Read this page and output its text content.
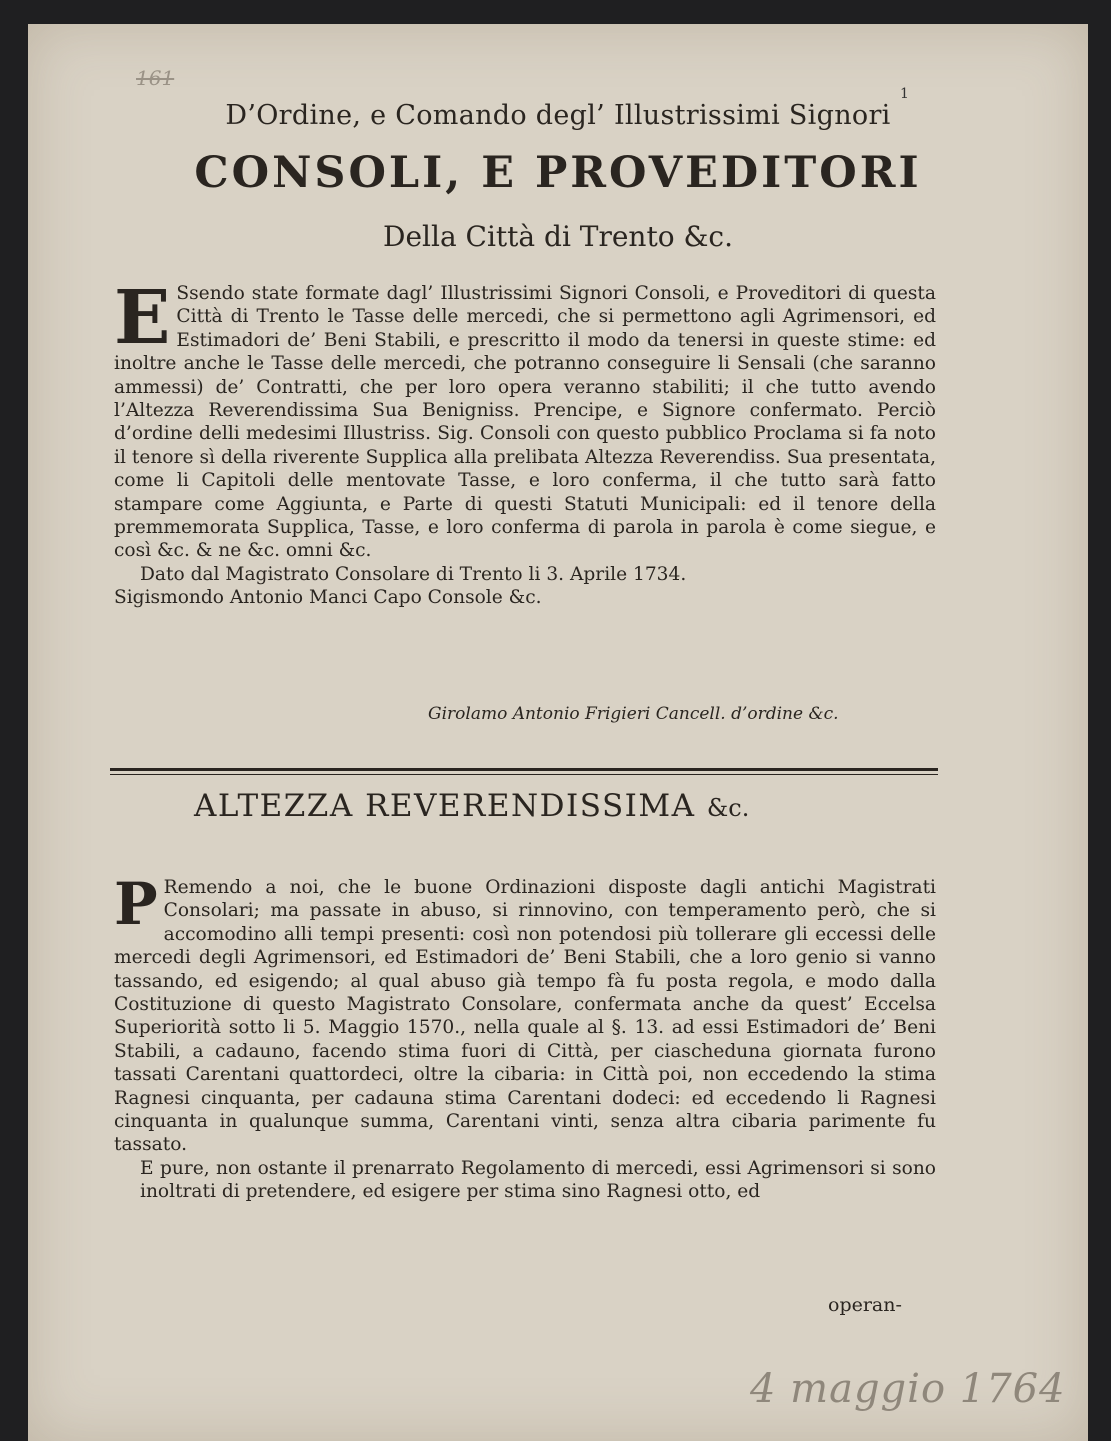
161
1
D’Ordine, e Comando degl’ Illustrissimi Signori
CONSOLI, E PROVEDITORI
Della Città di Trento &c.
E Ssendo state formate dagl’ Illustrissimi Signori Consoli, e Proveditori di questa Città di Trento le Tasse delle mercedi, che si permettono agli Agrimensori, ed Estimadori de’ Beni Stabili, e prescritto il modo da tenersi in queste stime: ed inoltre anche le Tasse delle mercedi, che potranno conseguire li Sensali (che saranno ammessi) de’ Contratti, che per loro opera veranno stabiliti; il che tutto avendo l’Altezza Reverendissima Sua Benigniss. Prencipe, e Signore confermato. Perciò d’ordine delli medesimi Illustriss. Sig. Consoli con questo pubblico Proclama si fa noto il tenore sì della riverente Supplica alla prelibata Altezza Reverendiss. Sua presentata, come li Capitoli delle mentovate Tasse, e loro conferma, il che tutto sarà fatto stampare come Aggiunta, e Parte di questi Statuti Municipali: ed il tenore della premmemorata Supplica, Tasse, e loro conferma di parola in parola è come siegue, e così &c. & ne &c. omni &c.
Dato dal Magistrato Consolare di Trento li 3. Aprile 1734.
Sigismondo Antonio Manci Capo Console &c.
Girolamo Antonio Frigieri Cancell. d’ordine &c.
ALTEZZA REVERENDISSIMA &c.
P Remendo a noi, che le buone Ordinazioni disposte dagli antichi Magistrati Consolari; ma passate in abuso, si rinnovino, con temperamento però, che si accomodino alli tempi presenti: così non potendosi più tollerare gli eccessi delle mercedi degli Agrimensori, ed Estimadori de’ Beni Stabili, che a loro genio si vanno tassando, ed esigendo; al qual abuso già tempo fà fu posta regola, e modo dalla Costituzione di questo Magistrato Consolare, confermata anche da quest’ Eccelsa Superiorità sotto li 5. Maggio 1570., nella quale al §. 13. ad essi Estimadori de’ Beni Stabili, a cadauno, facendo stima fuori di Città, per ciascheduna giornata furono tassati Carentani quattordeci, oltre la cibaria: in Città poi, non eccedendo la stima Ragnesi cinquanta, per cadauna stima Carentani dodeci: ed eccedendo li Ragnesi cinquanta in qualunque summa, Carentani vinti, senza altra cibaria parimente fu tassato.
E pure, non ostante il prenarrato Regolamento di mercedi, essi Agrimensori si sono inoltrati di pretendere, ed esigere per stima sino Ragnesi otto, ed
operan-
4 maggio 1764
